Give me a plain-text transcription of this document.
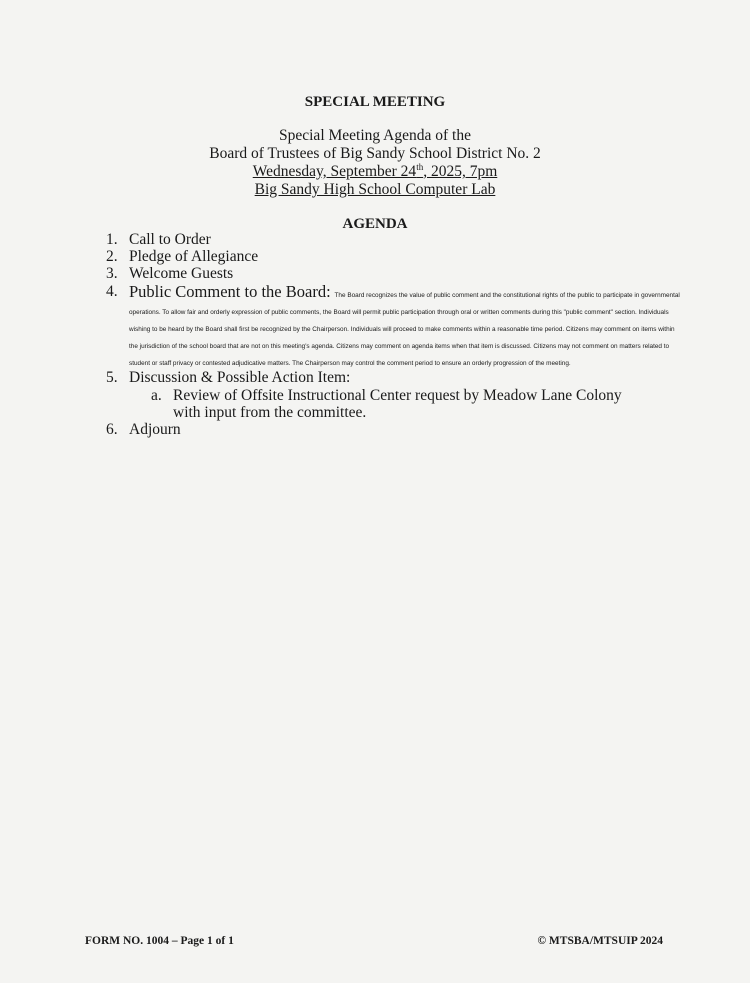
SPECIAL MEETING
Special Meeting Agenda of the
Board of Trustees of Big Sandy School District No. 2
Wednesday, September 24th, 2025, 7pm
Big Sandy High School Computer Lab
AGENDA
1. Call to Order
2. Pledge of Allegiance
3. Welcome Guests
4. Public Comment to the Board: The Board recognizes the value of public comment and the constitutional rights of the public to participate in governmental operations. To allow fair and orderly expression of public comments, the Board will permit public participation through oral or written comments during this "public comment" section. Individuals wishing to be heard by the Board shall first be recognized by the Chairperson. Individuals will proceed to make comments within a reasonable time period. Citizens may comment on items within the jurisdiction of the school board that are not on this meeting's agenda. Citizens may comment on agenda items when that item is discussed. Citizens may not comment on matters related to student or staff privacy or contested adjudicative matters. The Chairperson may control the comment period to ensure an orderly progression of the meeting.
5. Discussion & Possible Action Item:
a. Review of Offsite Instructional Center request by Meadow Lane Colony with input from the committee.
6. Adjourn
FORM NO. 1004 – Page 1 of 1	© MTSBA/MTSUIP 2024
